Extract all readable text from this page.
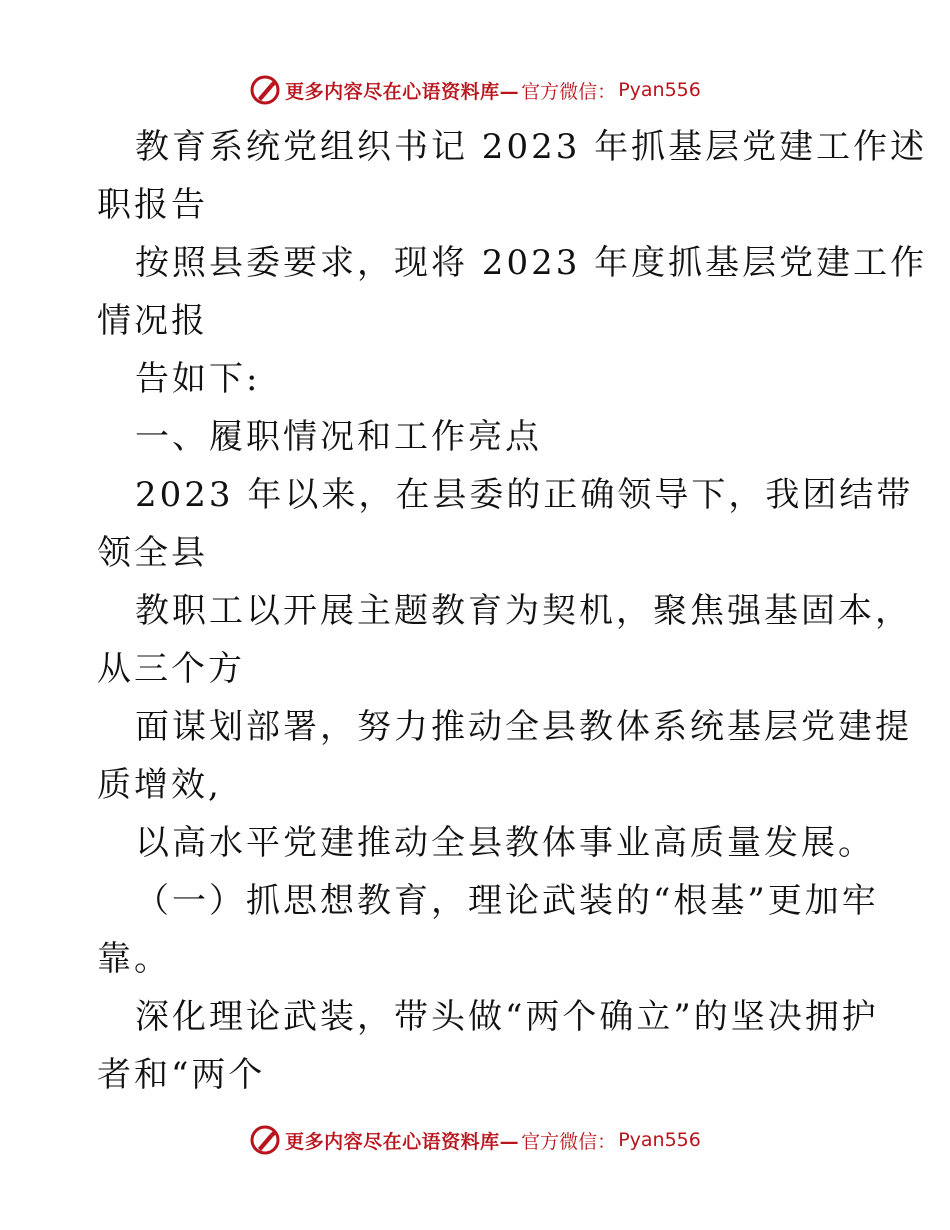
更多内容尽在心语资料库— 官方微信： Pyan556
教育系统党组织书记 2023 年抓基层党建工作述
职报告
按照县委要求，现将 2023 年度抓基层党建工作
情况报
告如下:
一、履职情况和工作亮点
2023 年以来，在县委的正确领导下，我团结带
领全县
教职工以开展主题教育为契机，聚焦强基固本，
从三个方
面谋划部署，努力推动全县教体系统基层党建提
质增效,
以高水平党建推动全县教体事业高质量发展。
（一）抓思想教育，理论武装的“根基”更加牢
靠。
深化理论武装，带头做“两个确立”的坚决拥护
者和“两个
更多内容尽在心语资料库— 官方微信： Pyan556
